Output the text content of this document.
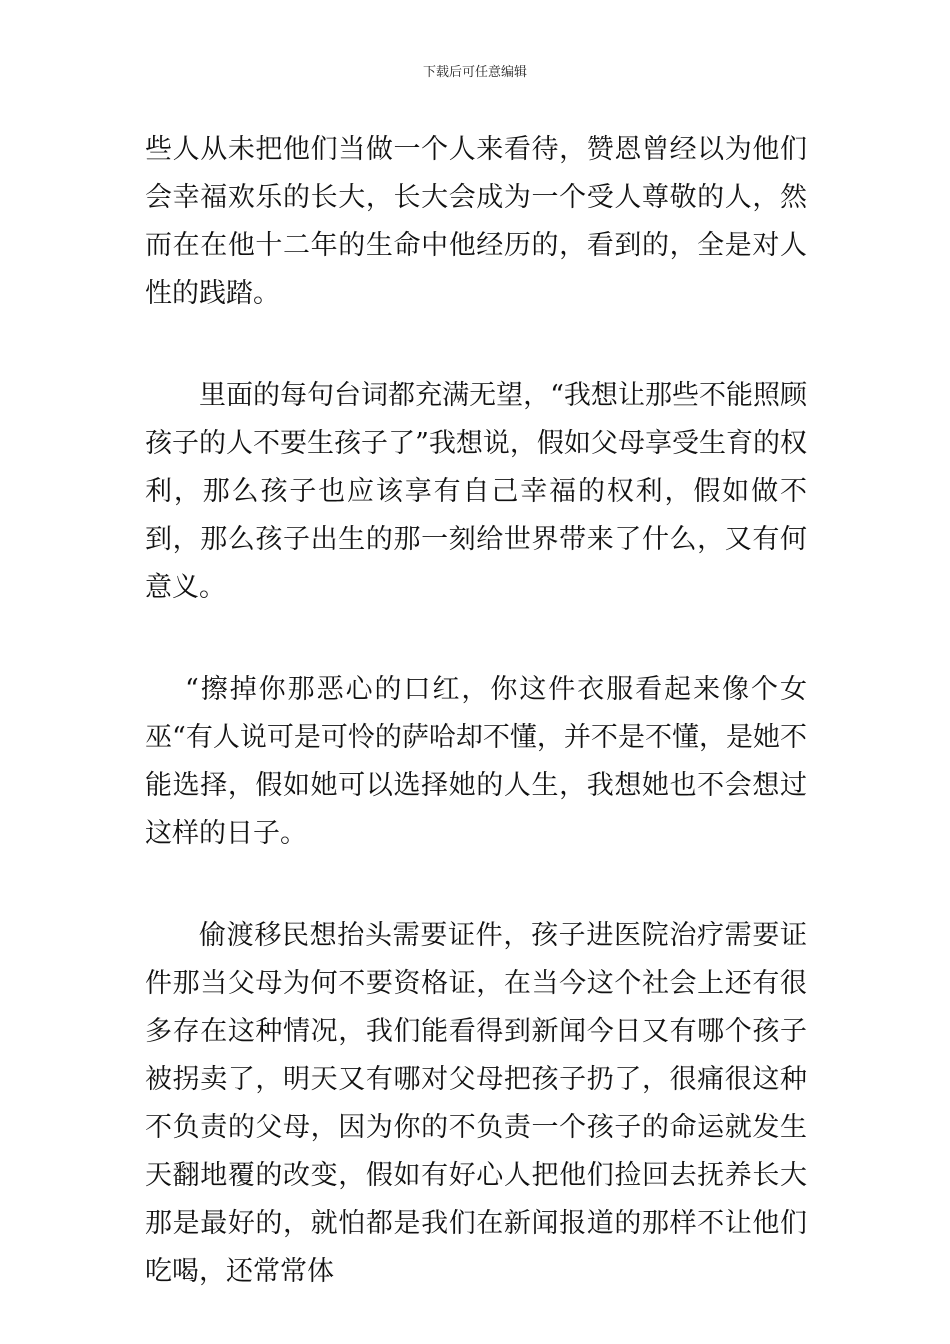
下载后可任意编辑

些人从未把他们当做一个人来看待，赞恩曾经以为他们会幸福欢乐的长大，长大会成为一个受人尊敬的人，然而在在他十二年的生命中他经历的，看到的，全是对人性的践踏。

里面的每句台词都充满无望，“我想让那些不能照顾孩子的人不要生孩子了”我想说，假如父母享受生育的权利，那么孩子也应该享有自己幸福的权利，假如做不到，那么孩子出生的那一刻给世界带来了什么，又有何意义。

“擦掉你那恶心的口红，你这件衣服看起来像个女巫“有人说可是可怜的萨哈却不懂，并不是不懂，是她不能选择，假如她可以选择她的人生，我想她也不会想过这样的日子。

偷渡移民想抬头需要证件，孩子进医院治疗需要证件那当父母为何不要资格证，在当今这个社会上还有很多存在这种情况，我们能看得到新闻今日又有哪个孩子被拐卖了，明天又有哪对父母把孩子扔了，很痛很这种不负责的父母，因为你的不负责一个孩子的命运就发生天翻地覆的改变，假如有好心人把他们捡回去抚养长大那是最好的，就怕都是我们在新闻报道的那样不让他们吃喝，还常常体
